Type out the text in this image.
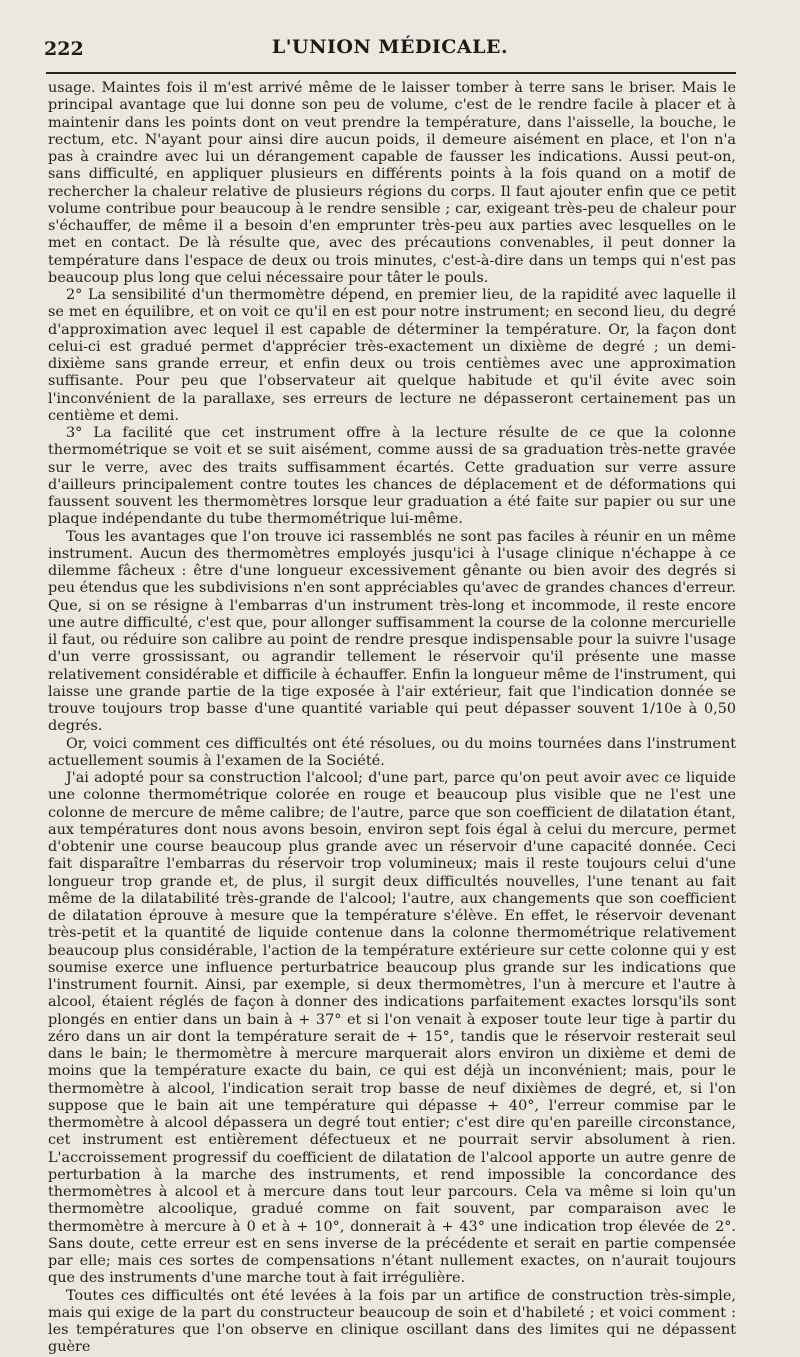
222	L'UNION MÉDICALE.

usage. Maintes fois il m'est arrivé même de le laisser tomber à terre sans le briser. Mais le principal avantage que lui donne son peu de volume, c'est de le rendre facile à placer et à maintenir dans les points dont on veut prendre la température, dans l'aisselle, la bouche, le rectum, etc. N'ayant pour ainsi dire aucun poids, il demeure aisément en place, et l'on n'a pas à craindre avec lui un dérangement capable de fausser les indications. Aussi peut-on, sans difficulté, en appliquer plusieurs en différents points à la fois quand on a motif de rechercher la chaleur relative de plusieurs régions du corps. Il faut ajouter enfin que ce petit volume contribue pour beaucoup à le rendre sensible ; car, exigeant très-peu de chaleur pour s'échauffer, de même il a besoin d'en emprunter très-peu aux parties avec lesquelles on le met en contact. De là résulte que, avec des précautions convenables, il peut donner la température dans l'espace de deux ou trois minutes, c'est-à-dire dans un temps qui n'est pas beaucoup plus long que celui nécessaire pour tâter le pouls.

2° La sensibilité d'un thermomètre dépend, en premier lieu, de la rapidité avec laquelle il se met en équilibre, et on voit ce qu'il en est pour notre instrument; en second lieu, du degré d'approximation avec lequel il est capable de déterminer la température. Or, la façon dont celui-ci est gradué permet d'apprécier très-exactement un dixième de degré ; un demi-dixième sans grande erreur, et enfin deux ou trois centièmes avec une approximation suffisante. Pour peu que l'observateur ait quelque habitude et qu'il évite avec soin l'inconvénient de la parallaxe, ses erreurs de lecture ne dépasseront certainement pas un centième et demi.

3° La facilité que cet instrument offre à la lecture résulte de ce que la colonne thermométrique se voit et se suit aisément, comme aussi de sa graduation très-nette gravée sur le verre, avec des traits suffisamment écartés. Cette graduation sur verre assure d'ailleurs principalement contre toutes les chances de déplacement et de déformations qui faussent souvent les thermomètres lorsque leur graduation a été faite sur papier ou sur une plaque indépendante du tube thermométrique lui-même.

Tous les avantages que l'on trouve ici rassemblés ne sont pas faciles à réunir en un même instrument. Aucun des thermomètres employés jusqu'ici à l'usage clinique n'échappe à ce dilemme fâcheux : être d'une longueur excessivement gênante ou bien avoir des degrés si peu étendus que les subdivisions n'en sont appréciables qu'avec de grandes chances d'erreur. Que, si on se résigne à l'embarras d'un instrument très-long et incommode, il reste encore une autre difficulté, c'est que, pour allonger suffisamment la course de la colonne mercurielle il faut, ou réduire son calibre au point de rendre presque indispensable pour la suivre l'usage d'un verre grossissant, ou agrandir tellement le réservoir qu'il présente une masse relativement considérable et difficile à échauffer. Enfin la longueur même de l'instrument, qui laisse une grande partie de la tige exposée à l'air extérieur, fait que l'indication donnée se trouve toujours trop basse d'une quantité variable qui peut dépasser souvent 1/10e à 0,50 degrés.

Or, voici comment ces difficultés ont été résolues, ou du moins tournées dans l'instrument actuellement soumis à l'examen de la Société.

J'ai adopté pour sa construction l'alcool; d'une part, parce qu'on peut avoir avec ce liquide une colonne thermométrique colorée en rouge et beaucoup plus visible que ne l'est une colonne de mercure de même calibre; de l'autre, parce que son coefficient de dilatation étant, aux températures dont nous avons besoin, environ sept fois égal à celui du mercure, permet d'obtenir une course beaucoup plus grande avec un réservoir d'une capacité donnée. Ceci fait disparaître l'embarras du réservoir trop volumineux; mais il reste toujours celui d'une longueur trop grande et, de plus, il surgit deux difficultés nouvelles, l'une tenant au fait même de la dilatabilité très-grande de l'alcool; l'autre, aux changements que son coefficient de dilatation éprouve à mesure que la température s'élève. En effet, le réservoir devenant très-petit et la quantité de liquide contenue dans la colonne thermométrique relativement beaucoup plus considérable, l'action de la température extérieure sur cette colonne qui y est soumise exerce une influence perturbatrice beaucoup plus grande sur les indications que l'instrument fournit. Ainsi, par exemple, si deux thermomètres, l'un à mercure et l'autre à alcool, étaient réglés de façon à donner des indications parfaitement exactes lorsqu'ils sont plongés en entier dans un bain à + 37° et si l'on venait à exposer toute leur tige à partir du zéro dans un air dont la température serait de + 15°, tandis que le réservoir resterait seul dans le bain; le thermomètre à mercure marquerait alors environ un dixième et demi de moins que la température exacte du bain, ce qui est déjà un inconvénient; mais, pour le thermomètre à alcool, l'indication serait trop basse de neuf dixièmes de degré, et, si l'on suppose que le bain ait une température qui dépasse + 40°, l'erreur commise par le thermomètre à alcool dépassera un degré tout entier; c'est dire qu'en pareille circonstance, cet instrument est entièrement défectueux et ne pourrait servir absolument à rien. L'accroissement progressif du coefficient de dilatation de l'alcool apporte un autre genre de perturbation à la marche des instruments, et rend impossible la concordance des thermomètres à alcool et à mercure dans tout leur parcours. Cela va même si loin qu'un thermomètre alcoolique, gradué comme on fait souvent, par comparaison avec le thermomètre à mercure à 0 et à + 10°, donnerait à + 43° une indication trop élevée de 2°. Sans doute, cette erreur est en sens inverse de la précédente et serait en partie compensée par elle; mais ces sortes de compensations n'étant nullement exactes, on n'aurait toujours que des instruments d'une marche tout à fait irrégulière.

Toutes ces difficultés ont été levées à la fois par un artifice de construction très-simple, mais qui exige de la part du constructeur beaucoup de soin et d'habileté ; et voici comment : les températures que l'on observe en clinique oscillant dans des limites qui ne dépassent guère
